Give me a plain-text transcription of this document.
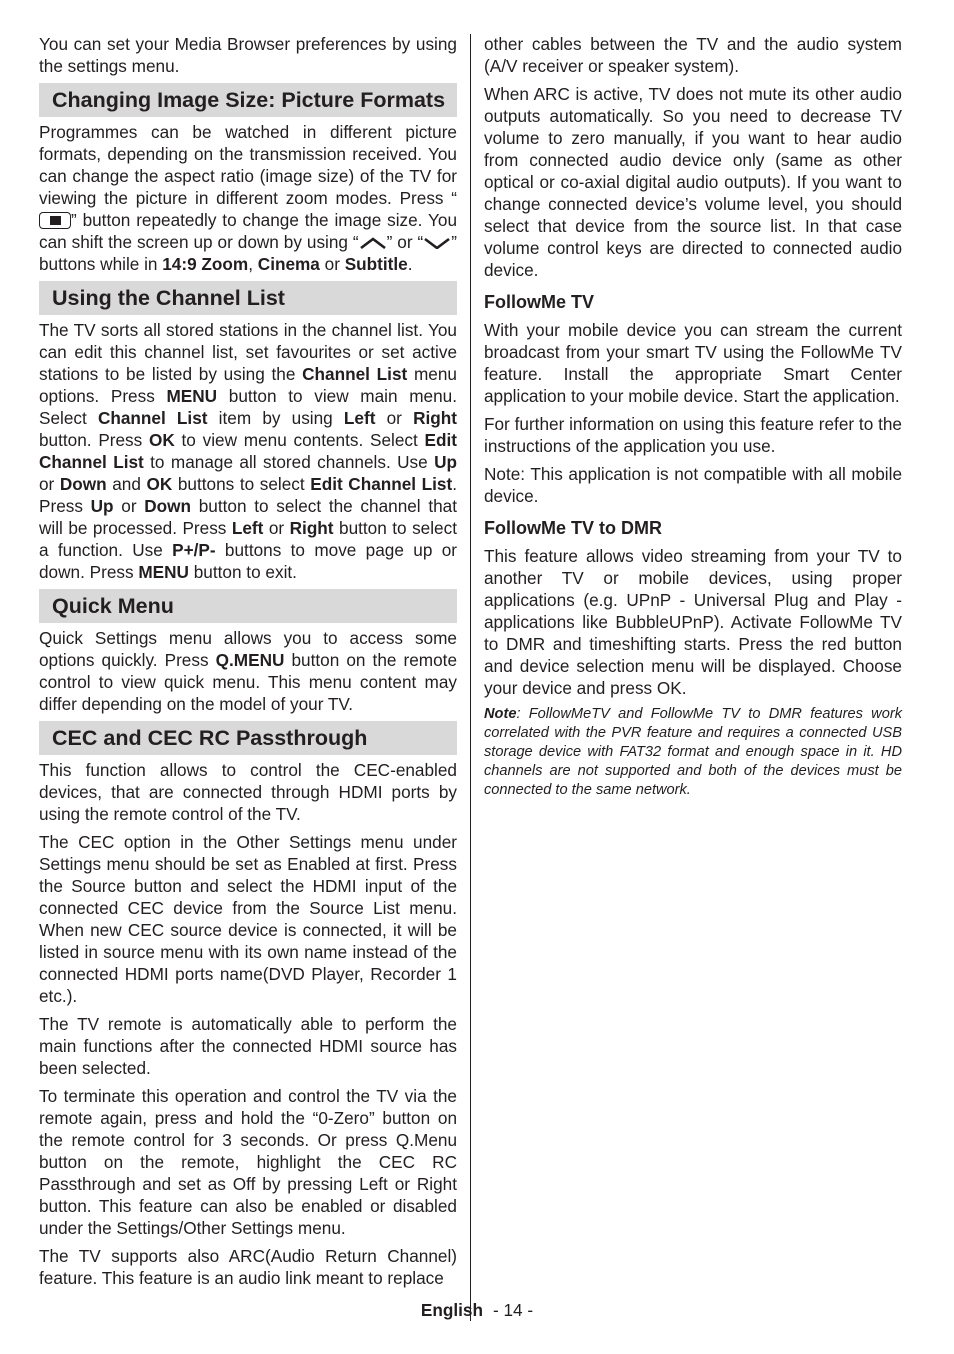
You can set your Media Browser preferences by using the settings menu.

Changing Image Size: Picture Formats

Programmes can be watched in different picture formats, depending on the transmission received. You can change the aspect ratio (image size) of the TV for viewing the picture in different zoom modes. Press “” button repeatedly to change the image size. You can shift the screen up or down by using “ ” or “ ” buttons while in 14:9 Zoom, Cinema or Subtitle.

Using the Channel List

The TV sorts all stored stations in the channel list. You can edit this channel list, set favourites or set active stations to be listed by using the Channel List menu options. Press MENU button to view main menu. Select Channel List item by using Left or Right button. Press OK to view menu contents. Select Edit Channel List to manage all stored channels. Use Up or Down and OK buttons to select Edit Channel List. Press Up or Down button to select the channel that will be processed. Press Left or Right button to select a function. Use P+/P- buttons to move page up or down. Press MENU button to exit.

Quick Menu

Quick Settings menu allows you to access some options quickly. Press Q.MENU button on the remote control to view quick menu. This menu content may differ depending on the model of your TV.

CEC and CEC RC Passthrough

This function allows to control the CEC-enabled devices, that are connected through HDMI ports by using the remote control of the TV.

The CEC option in the Other Settings menu under Settings menu should be set as Enabled at first. Press the Source button and select the HDMI input of the connected CEC device from the Source List menu. When new CEC source device is connected, it will be listed in source menu with its own name instead of the connected HDMI ports name(DVD Player, Recorder 1 etc.).

The TV remote is automatically able to perform the main functions after the connected HDMI source has been selected.

To terminate this operation and control the TV via the remote again, press and hold the “0-Zero” button on the remote control for 3 seconds. Or press Q.Menu button on the remote, highlight the CEC RC Passthrough and set as Off by pressing Left or Right button. This feature can also be enabled or disabled under the Settings/Other Settings menu.

The TV supports also ARC(Audio Return Channel) feature. This feature is an audio link meant to replace

other cables between the TV and the audio system (A/V receiver or speaker system).

When ARC is active, TV does not mute its other audio outputs automatically. So you need to decrease TV volume to zero manually, if you want to hear audio from connected audio device only (same as other optical or co-axial digital audio outputs). If you want to change connected device’s volume level, you should select that device from the source list. In that case volume control keys are directed to connected audio device.

FollowMe TV

With your mobile device you can stream the current broadcast from your smart TV using the FollowMe TV feature. Install the appropriate Smart Center application to your mobile device. Start the application.

For further information on using this feature refer to the instructions of the application you use.

Note: This application is not compatible with all mobile device.

FollowMe TV to DMR

This feature allows video streaming from your TV to another TV or mobile devices, using proper applications (e.g. UPnP - Universal Plug and Play - applications like BubbleUPnP). Activate FollowMe TV to DMR and timeshifting starts. Press the red button and device selection menu will be displayed. Choose your device and press OK.

Note: FollowMeTV and FollowMe TV to DMR features work correlated with the PVR feature and requires a connected USB storage device with FAT32 format and enough space in it. HD channels are not supported and both of the devices must be connected to the same network.

English - 14 -
